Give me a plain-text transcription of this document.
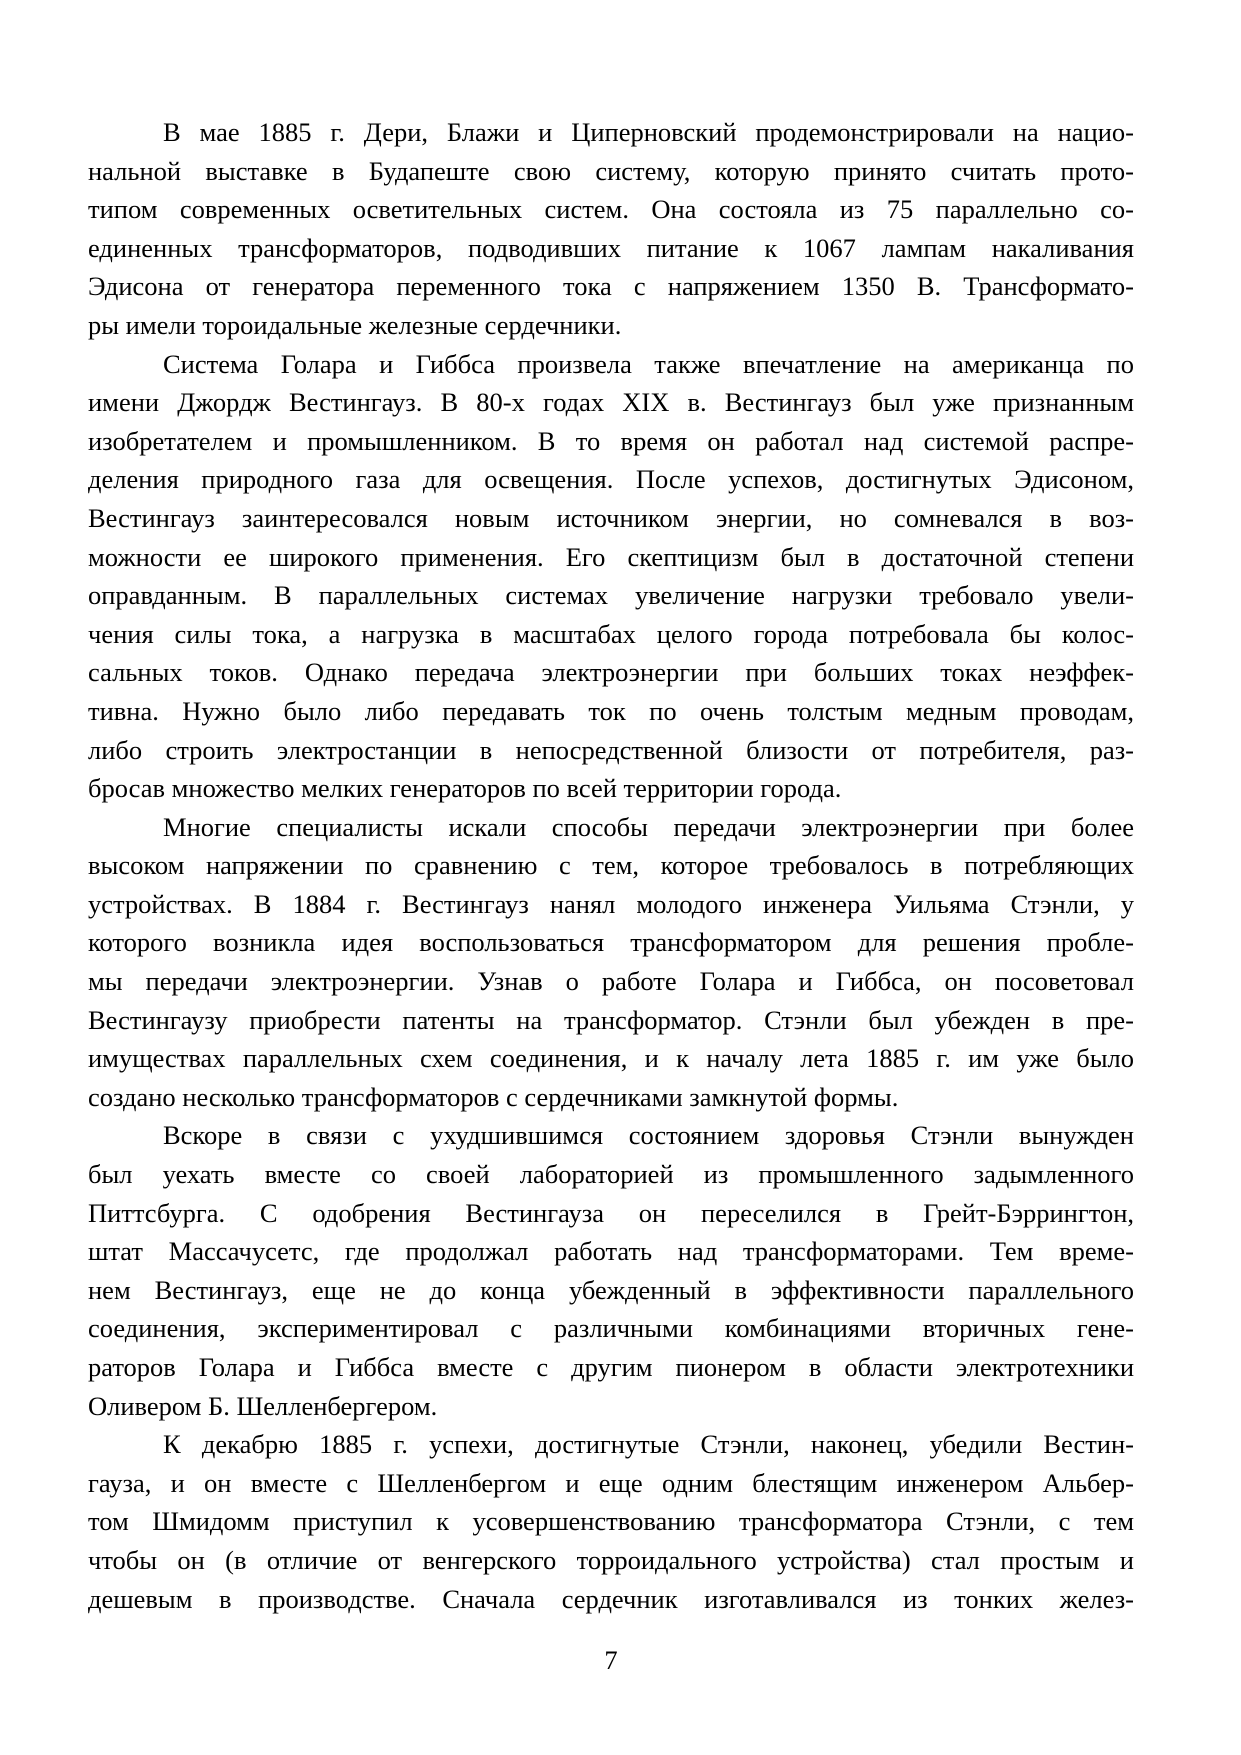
В мае 1885 г. Дери, Блажи и Циперновский продемонстрировали на нацио-
нальной выставке в Будапеште свою систему, которую принято считать прото-
типом современных осветительных систем. Она состояла из 75 параллельно со-
единенных трансформаторов, подводивших питание к 1067 лампам накаливания
Эдисона от генератора переменного тока с напряжением 1350 В. Трансформато-
ры имели тороидальные железные сердечники.

Система Голара и Гиббса произвела также впечатление на американца по
имени Джордж Вестингауз. В 80-х годах XIX в. Вестингауз был уже признанным
изобретателем и промышленником. В то время он работал над системой распре-
деления природного газа для освещения. После успехов, достигнутых Эдисоном,
Вестингауз заинтересовался новым источником энергии, но сомневался в воз-
можности ее широкого применения. Его скептицизм был в достаточной степени
оправданным. В параллельных системах увеличение нагрузки требовало увели-
чения силы тока, а нагрузка в масштабах целого города потребовала бы колос-
сальных токов. Однако передача электроэнергии при больших токах неэффек-
тивна. Нужно было либо передавать ток по очень толстым медным проводам,
либо строить электростанции в непосредственной близости от потребителя, раз-
бросав множество мелких генераторов по всей территории города.

Многие специалисты искали способы передачи электроэнергии при более
высоком напряжении по сравнению с тем, которое требовалось в потребляющих
устройствах. В 1884 г. Вестингауз нанял молодого инженера Уильяма Стэнли, у
которого возникла идея воспользоваться трансформатором для решения пробле-
мы передачи электроэнергии. Узнав о работе Голара и Гиббса, он посоветовал
Вестингаузу приобрести патенты на трансформатор. Стэнли был убежден в пре-
имуществах параллельных схем соединения, и к началу лета 1885 г. им уже было
создано несколько трансформаторов с сердечниками замкнутой формы.

Вскоре в связи с ухудшившимся состоянием здоровья Стэнли вынужден
был уехать вместе со своей лабораторией из промышленного задымленного
Питтсбурга. С одобрения Вестингауза он переселился в Грейт-Бэррингтон,
штат Массачусетс, где продолжал работать над трансформаторами. Тем време-
нем Вестингауз, еще не до конца убежденный в эффективности параллельного
соединения, экспериментировал с различными комбинациями вторичных гене-
раторов Голара и Гиббса вместе с другим пионером в области электротехники
Оливером Б. Шелленбергером.

К декабрю 1885 г. успехи, достигнутые Стэнли, наконец, убедили Вестин-
гауза, и он вместе с Шелленбергом и еще одним блестящим инженером Альбер-
том Шмидомм приступил к усовершенствованию трансформатора Стэнли, с тем
чтобы он (в отличие от венгерского торроидального устройства) стал простым и
дешевым в производстве. Сначала сердечник изготавливался из тонких желез-

7
